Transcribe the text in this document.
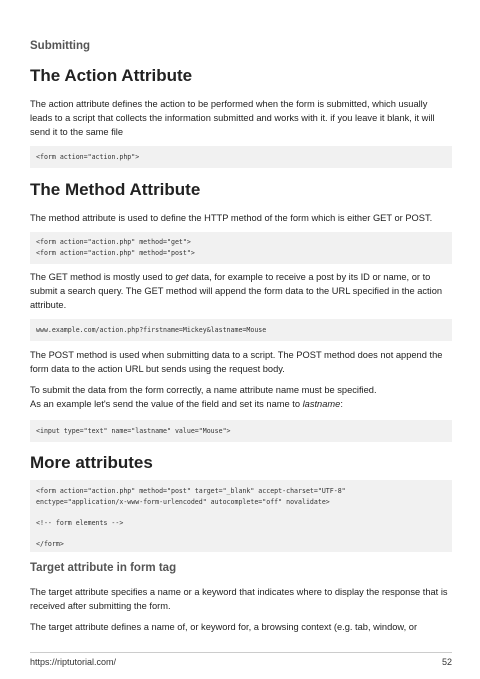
Submitting
The Action Attribute

The action attribute defines the action to be performed when the form is submitted, which usually leads to a script that collects the information submitted and works with it. if you leave it blank, it will send it to the same file

<form action="action.php">
The Method Attribute

The method attribute is used to define the HTTP method of the form which is either GET or POST.

<form action="action.php" method="get">
<form action="action.php" method="post">

The GET method is mostly used to get data, for example to receive a post by its ID or name, or to submit a search query. The GET method will append the form data to the URL specified in the action attribute.

www.example.com/action.php?firstname=Mickey&lastname=Mouse

The POST method is used when submitting data to a script. The POST method does not append the form data to the action URL but sends using the request body.

To submit the data from the form correctly, a name attribute name must be specified.

As an example let's send the value of the field and set its name to lastname:

<input type="text" name="lastname" value="Mouse">
More attributes
<form action="action.php" method="post" target="_blank" accept-charset="UTF-8"
enctype="application/x-www-form-urlencoded" autocomplete="off" novalidate>

<!-- form elements -->

</form>
Target attribute in form tag

The target attribute specifies a name or a keyword that indicates where to display the response that is received after submitting the form.

The target attribute defines a name of, or keyword for, a browsing context (e.g. tab, window, or

https://riptutorial.com/	52
